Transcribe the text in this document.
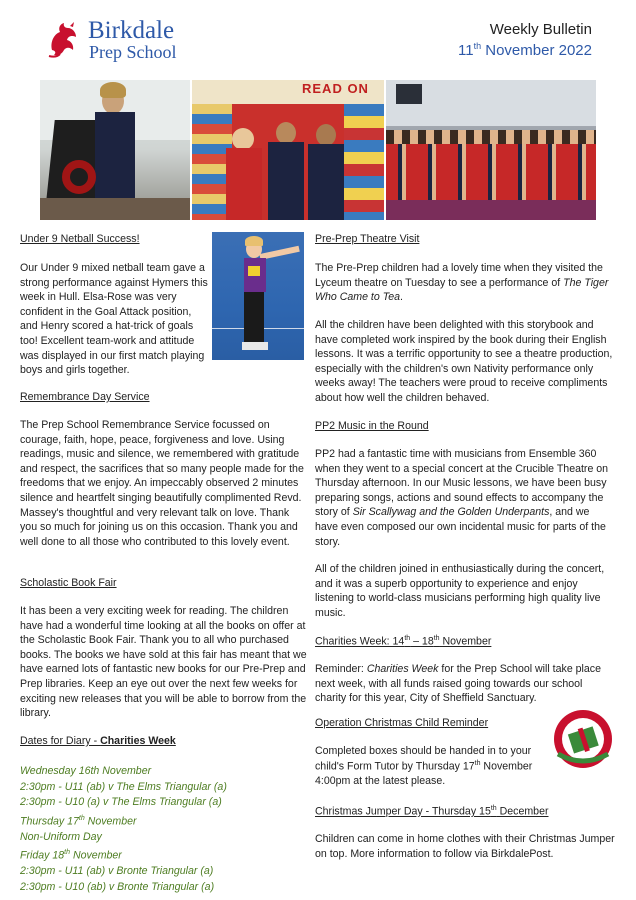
Birkdale
Prep School
Weekly Bulletin
11th November 2022
READ ON
Under 9 Netball Success!

Our Under 9 mixed netball team gave a strong performance against Hymers this week in Hull. Elsa-Rose was very confident in the Goal Attack position, and Henry scored a hat-trick of goals too! Excellent team-work and attitude was displayed in our first match playing boys and girls together.

Remembrance Day Service

The Prep School Remembrance Service focussed on courage, faith, hope, peace, forgiveness and love. Using readings, music and silence, we remembered with gratitude and respect, the sacrifices that so many people made for the freedoms that we enjoy. An impeccably observed 2 minutes silence and heartfelt singing beautifully complimented Revd. Massey's thoughtful and very relevant talk on love. Thank you so much for joining us on this occasion. Thank you and well done to all those who contributed to this lovely event.

Scholastic Book Fair

It has been a very exciting week for reading. The children have had a wonderful time looking at all the books on offer at the Scholastic Book Fair. Thank you to all who purchased books. The books we have sold at this fair has meant that we have earned lots of fantastic new books for our Pre-Prep and Prep libraries. Keep an eye out over the next few weeks for exciting new releases that you will be able to borrow from the library.

Dates for Diary - Charities Week
Wednesday 16th November
2:30pm - U11 (ab) v The Elms Triangular (a)
2:30pm - U10 (a) v The Elms Triangular (a)
Thursday 17th November
Non-Uniform Day
Friday 18th November
2:30pm - U11 (ab) v Bronte Triangular (a)
2:30pm - U10 (ab) v Bronte Triangular (a)
Pre-Prep Theatre Visit

The Pre-Prep children had a lovely time when they visited the Lyceum theatre on Tuesday to see a performance of The Tiger Who Came to Tea.

All the children have been delighted with this storybook and have completed work inspired by the book during their English lessons. It was a terrific opportunity to see a theatre production, especially with the children's own Nativity performance only weeks away! The teachers were proud to receive compliments about how well the children behaved.

PP2 Music in the Round

PP2 had a fantastic time with musicians from Ensemble 360 when they went to a special concert at the Crucible Theatre on Thursday afternoon. In our Music lessons, we have been busy preparing songs, actions and sound effects to accompany the story of Sir Scallywag and the Golden Underpants, and we have even composed our own incidental music for parts of the story.

All of the children joined in enthusiastically during the concert, and it was a superb opportunity to experience and enjoy listening to world-class musicians performing high quality live music.

Charities Week: 14th – 18th November

Reminder: Charities Week for the Prep School will take place next week, with all funds raised going towards our school charity for this year, City of Sheffield Sanctuary.

Operation Christmas Child Reminder

Completed boxes should be handed in to your child's Form Tutor by Thursday 17th November 4:00pm at the latest please.

Christmas Jumper Day - Thursday 15th December

Children can come in home clothes with their Christmas Jumper on top. More information to follow via BirkdalePost.
